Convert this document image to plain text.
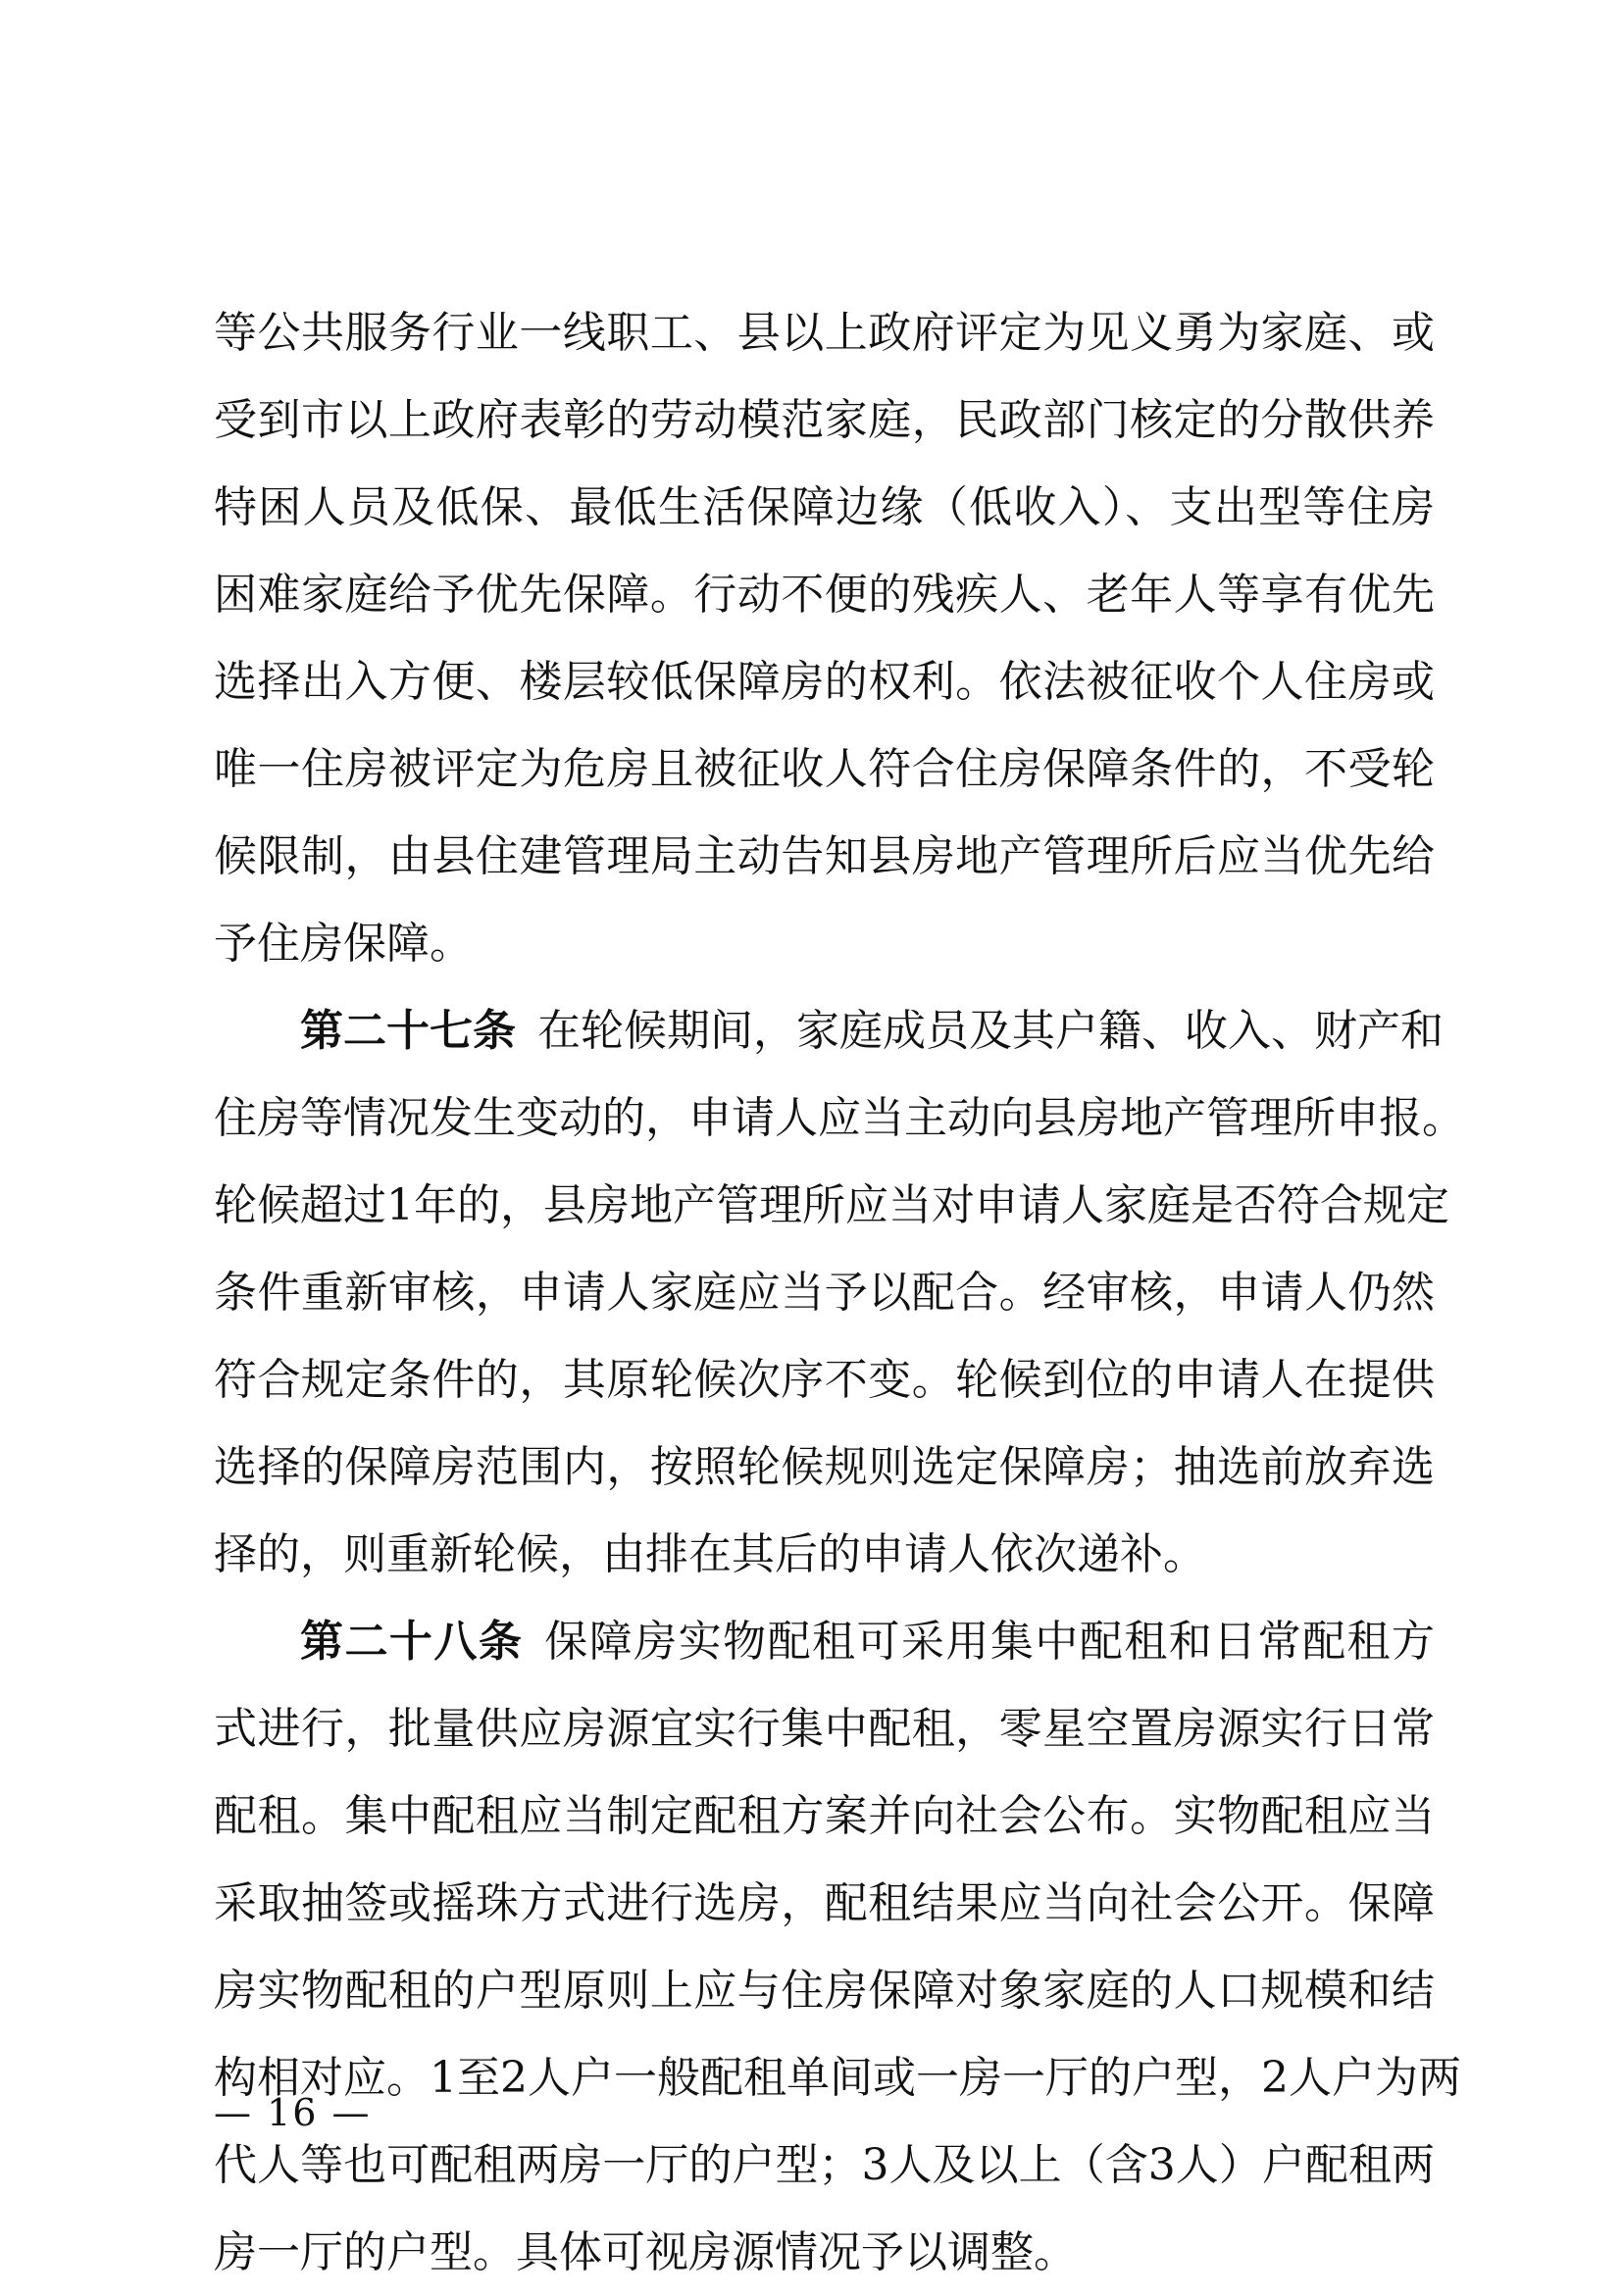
等公共服务行业一线职工、县以上政府评定为见义勇为家庭、或
受到市以上政府表彰的劳动模范家庭，民政部门核定的分散供养
特困人员及低保、最低生活保障边缘（低收入）、支出型等住房
困难家庭给予优先保障。行动不便的残疾人、老年人等享有优先
选择出入方便、楼层较低保障房的权利。依法被征收个人住房或
唯一住房被评定为危房且被征收人符合住房保障条件的，不受轮
候限制，由县住建管理局主动告知县房地产管理所后应当优先给
予住房保障。
第二十七条 在轮候期间，家庭成员及其户籍、收入、财产和
住房等情况发生变动的，申请人应当主动向县房地产管理所申报。
轮候超过1年的，县房地产管理所应当对申请人家庭是否符合规定
条件重新审核，申请人家庭应当予以配合。经审核，申请人仍然
符合规定条件的，其原轮候次序不变。轮候到位的申请人在提供
选择的保障房范围内，按照轮候规则选定保障房；抽选前放弃选
择的，则重新轮候，由排在其后的申请人依次递补。
第二十八条 保障房实物配租可采用集中配租和日常配租方
式进行，批量供应房源宜实行集中配租，零星空置房源实行日常
配租。集中配租应当制定配租方案并向社会公布。实物配租应当
采取抽签或摇珠方式进行选房，配租结果应当向社会公开。保障
房实物配租的户型原则上应与住房保障对象家庭的人口规模和结
构相对应。1至2人户一般配租单间或一房一厅的户型，2人户为两
代人等也可配租两房一厅的户型；3人及以上（含3人）户配租两
房一厅的户型。具体可视房源情况予以调整。
— 16 —
